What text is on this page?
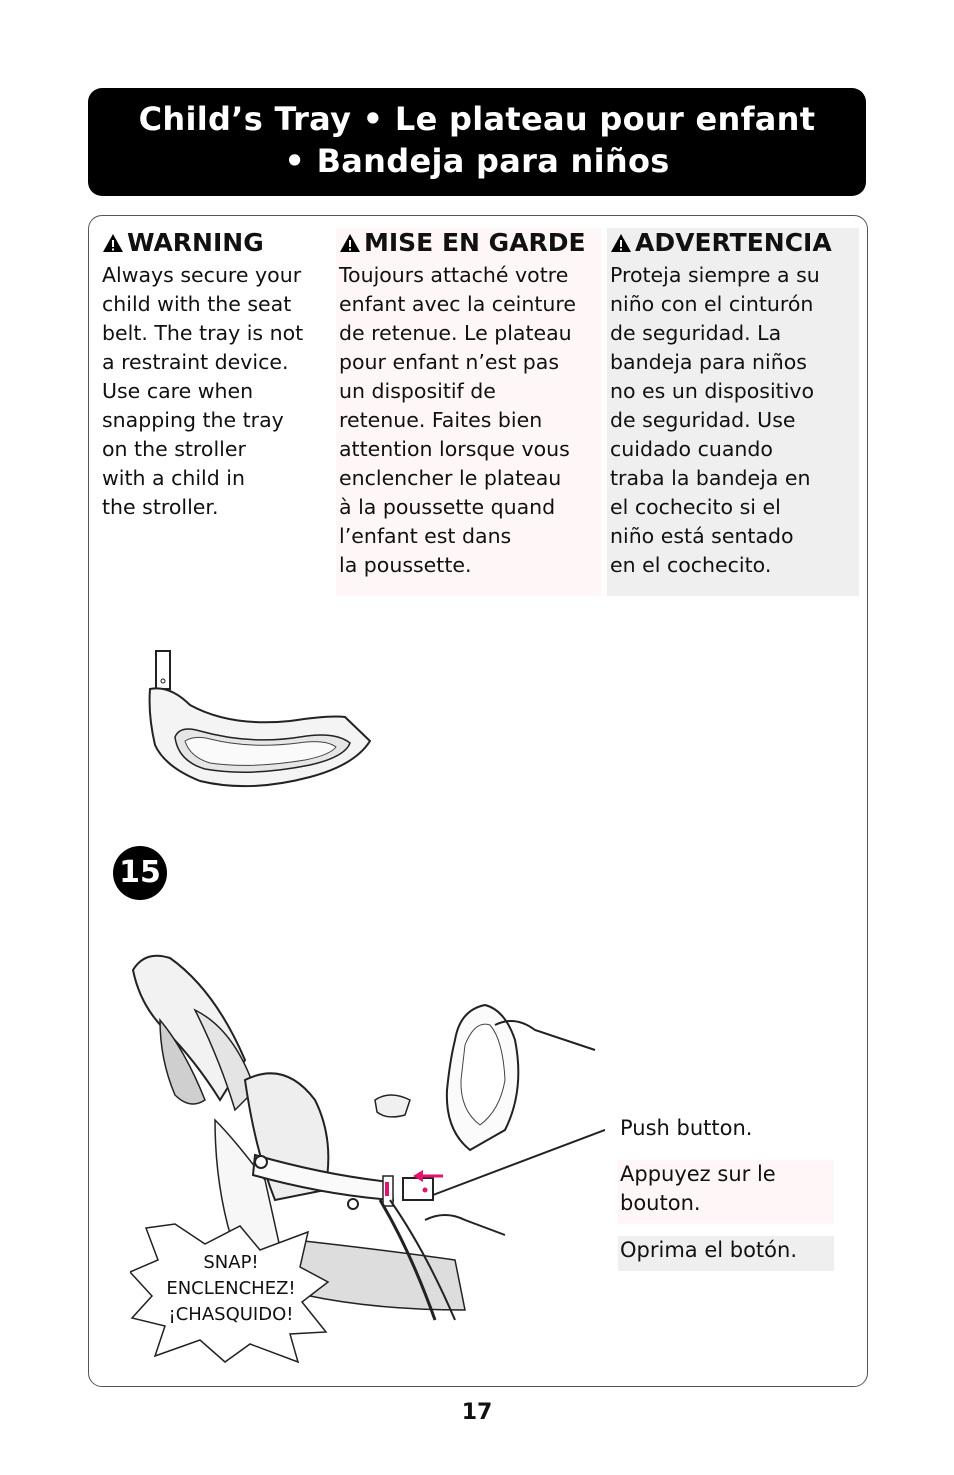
Child’s Tray • Le plateau pour enfant
• Bandeja para niños
WARNING

Always secure your
child with the seat
belt. The tray is not
a restraint device.
Use care when
snapping the tray
on the stroller
with a child in
the stroller.

MISE EN GARDE

Toujours attaché votre
enfant avec la ceinture
de retenue. Le plateau
pour enfant n’est pas
un dispositif de
retenue. Faites bien
attention lorsque vous
enclencher le plateau
à la poussette quand
l’enfant est dans
la poussette.

ADVERTENCIA

Proteja siempre a su
niño con el cinturón
de seguridad. La
bandeja para niños
no es un dispositivo
de seguridad. Use
cuidado cuando
traba la bandeja en
el cochecito si el
niño está sentado
en el cochecito.

15
Push button.
Appuyez sur le
bouton.
Oprima el botón.
SNAP!
ENCLENCHEZ!
¡CHASQUIDO!
17
